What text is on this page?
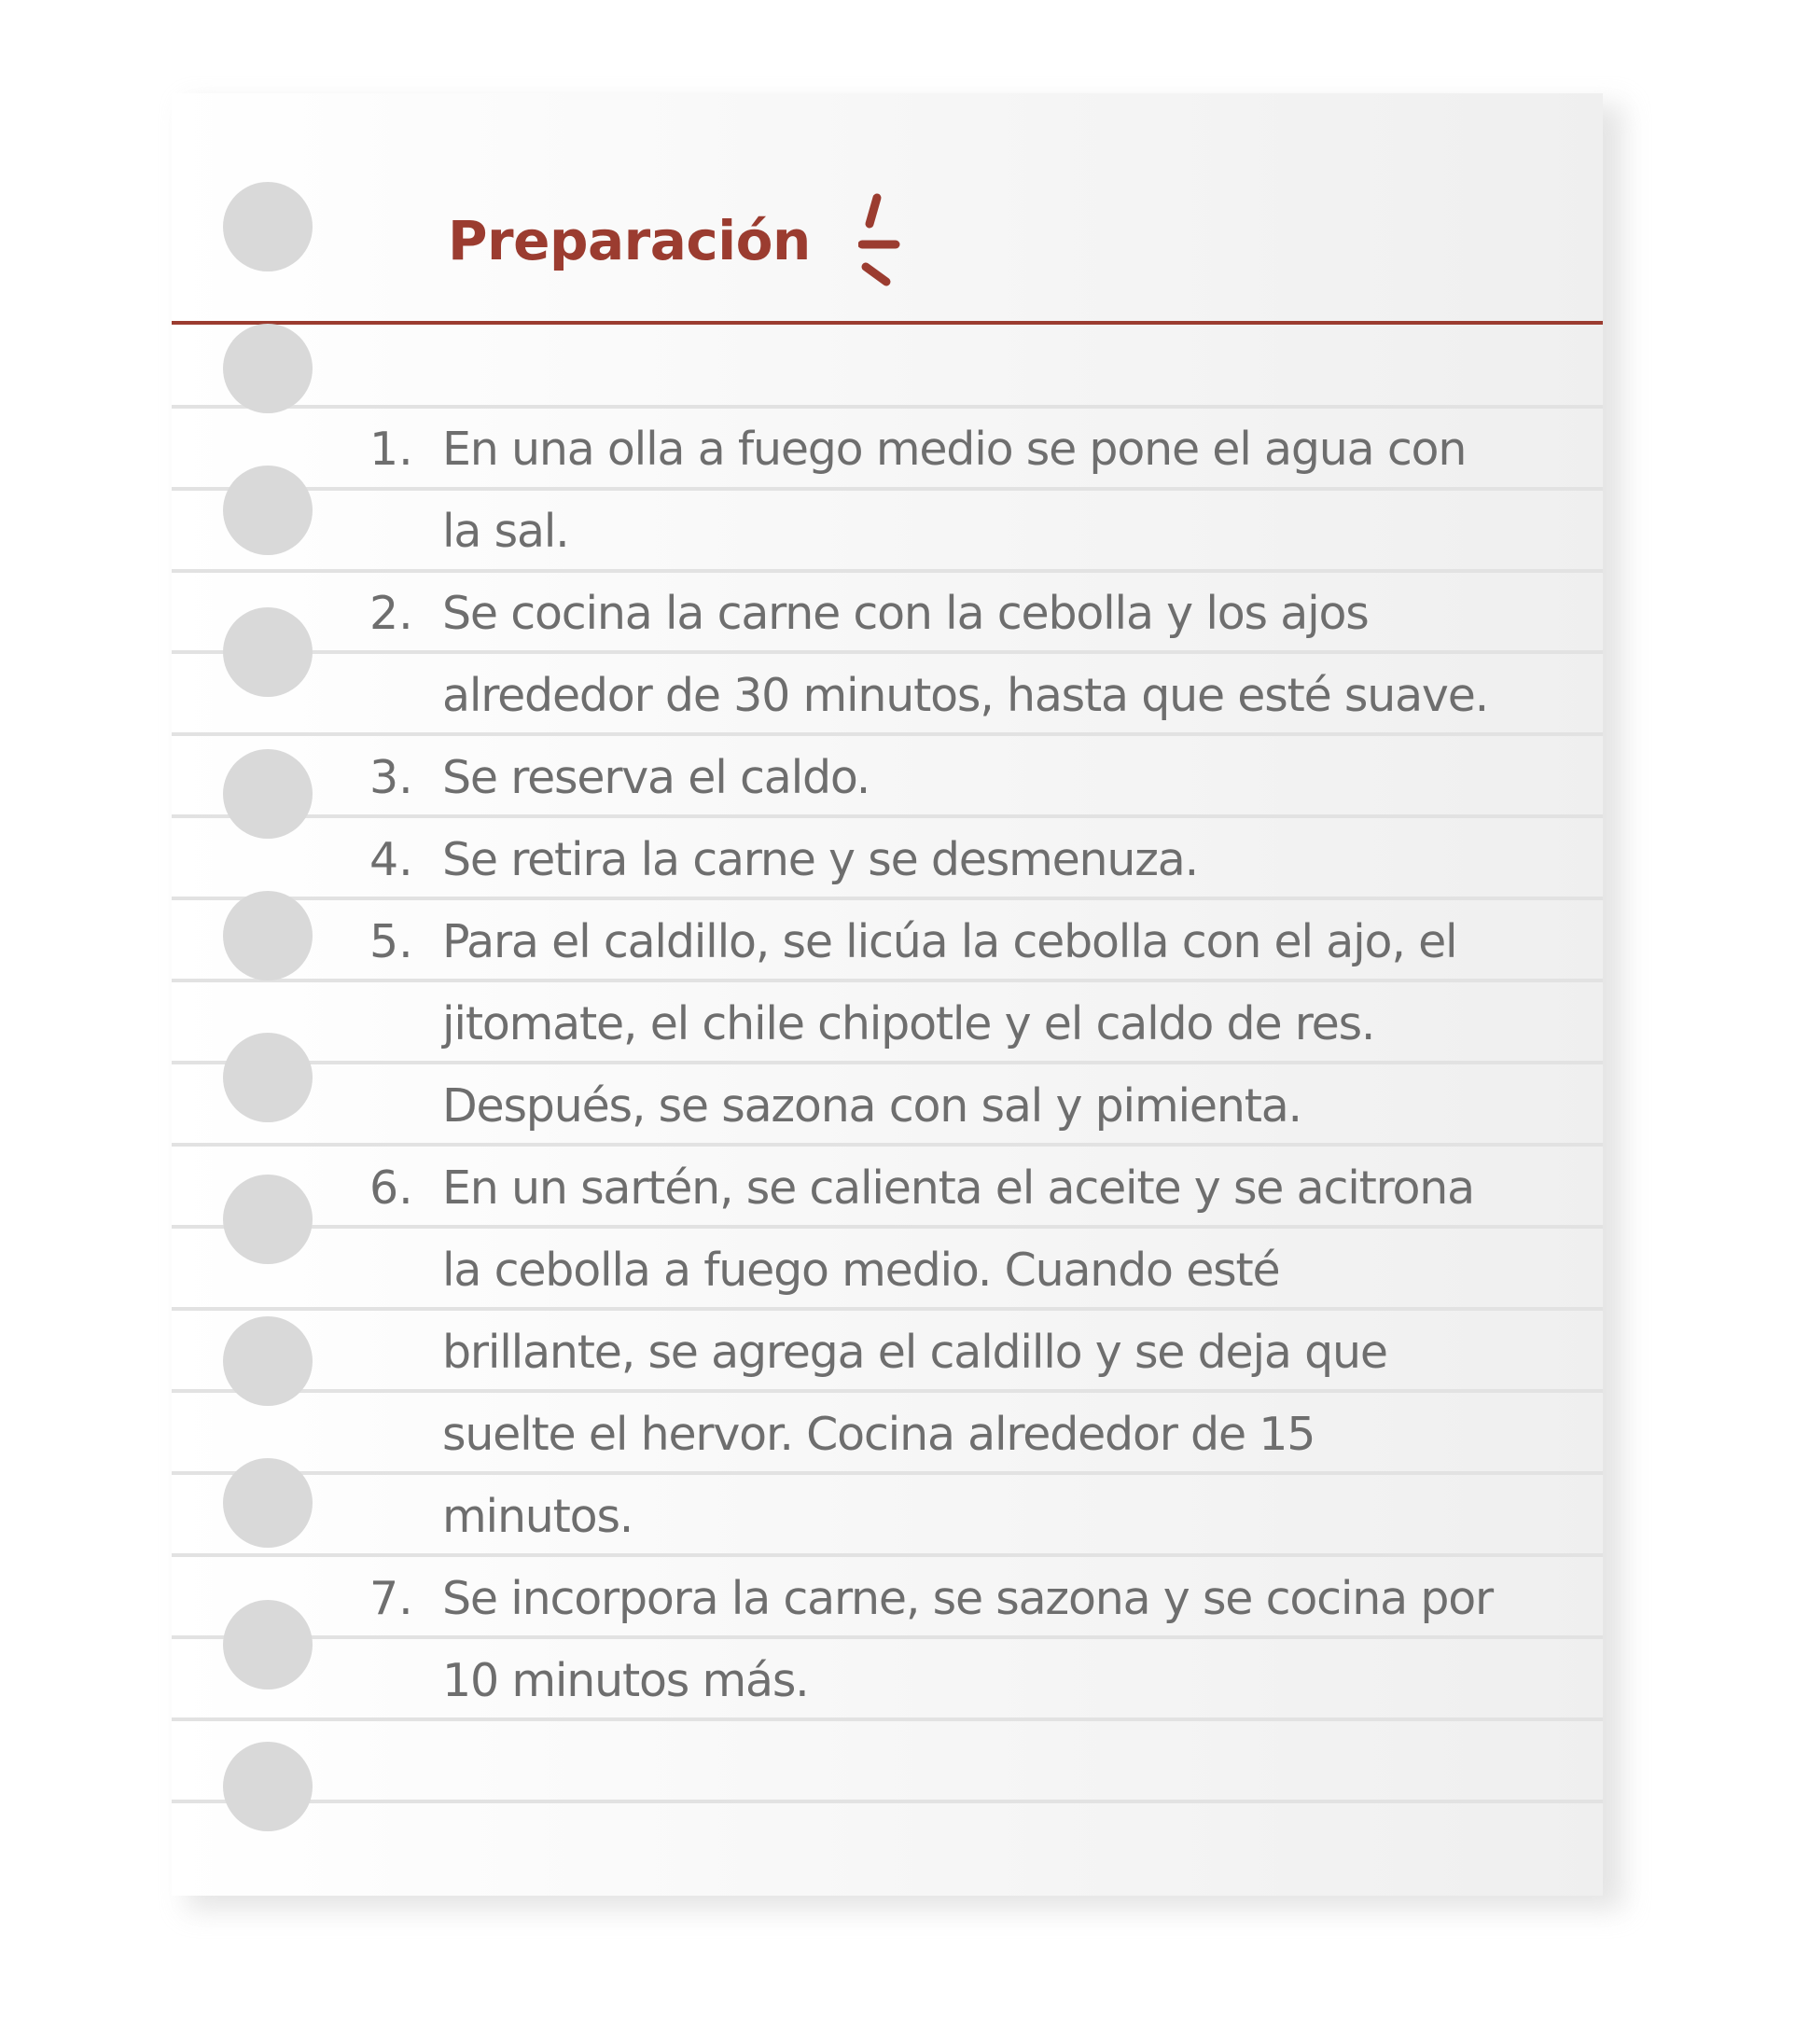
Preparación
1. En una olla a fuego medio se pone el agua con
la sal.
2. Se cocina la carne con la cebolla y los ajos
alrededor de 30 minutos, hasta que esté suave.
3. Se reserva el caldo.
4. Se retira la carne y se desmenuza.
5. Para el caldillo, se licúa la cebolla con el ajo, el
jitomate, el chile chipotle y el caldo de res.
Después, se sazona con sal y pimienta.
6. En un sartén, se calienta el aceite y se acitrona
la cebolla a fuego medio. Cuando esté
brillante, se agrega el caldillo y se deja que
suelte el hervor. Cocina alrededor de 15
minutos.
7. Se incorpora la carne, se sazona y se cocina por
10 minutos más.
